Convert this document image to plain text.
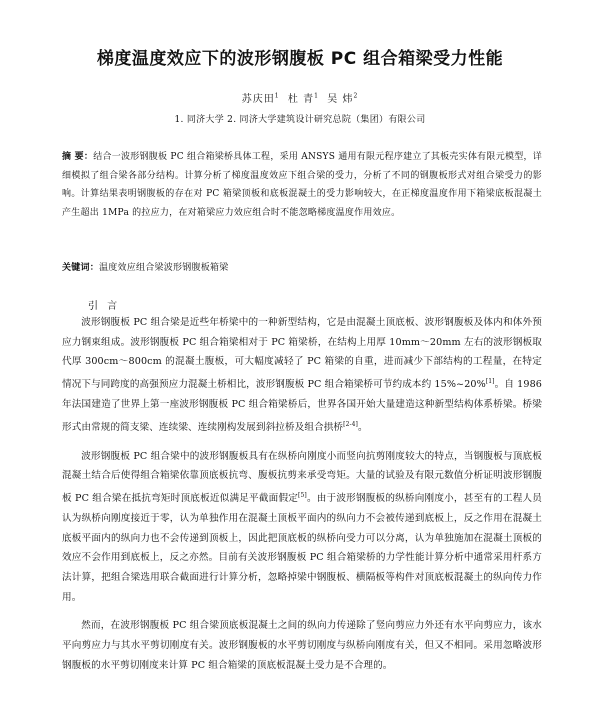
梯度温度效应下的波形钢腹板 PC 组合箱梁受力性能

苏庆田$^1$ 杜 青$^1$ 吴 炜$^2$

1. 同济大学 2. 同济大学建筑设计研究总院（集团）有限公司

摘 要：结合一波形钢腹板 PC 组合箱梁桥具体工程，采用 ANSYS 通用有限元程序建立了其板壳实体有限元模型，详细模拟了组合梁各部分结构。计算分析了梯度温度效应下组合梁的受力，分析了不同的钢腹板形式对组合梁受力的影响。计算结果表明钢腹板的存在对 PC 箱梁顶板和底板混凝土的受力影响较大，在正梯度温度作用下箱梁底板混凝土产生超出 1MPa 的拉应力，在对箱梁应力效应组合时不能忽略梯度温度作用效应。

关键词：温度效应组合梁波形钢腹板箱梁

引 言

波形钢腹板 PC 组合梁是近些年桥梁中的一种新型结构，它是由混凝土顶底板、波形钢腹板及体内和体外预应力钢束组成。波形钢腹板 PC 组合箱梁相对于 PC 箱梁桥，在结构上用厚 10mm～20mm 左右的波形钢板取代厚 300cm～800cm 的混凝土腹板，可大幅度减轻了 PC 箱梁的自重，进而减少下部结构的工程量，在特定情况下与同跨度的高强预应力混凝土桥相比，波形钢腹板 PC 组合箱梁桥可节约成本约 15%~20%[1]。自 1986 年法国建造了世界上第一座波形钢腹板 PC 组合箱梁桥后，世界各国开始大量建造这种新型结构体系桥梁。桥梁形式由常规的简支梁、连续梁、连续刚构发展到斜拉桥及组合拱桥[2-4]。

波形钢腹板 PC 组合梁中的波形钢腹板具有在纵桥向刚度小而竖向抗剪刚度较大的特点，当钢腹板与顶底板混凝土结合后使得组合箱梁依靠顶底板抗弯、腹板抗剪来承受弯矩。大量的试验及有限元数值分析证明波形钢腹板 PC 组合梁在抵抗弯矩时顶底板近似满足平截面假定[5]。由于波形钢腹板的纵桥向刚度小，甚至有的工程人员认为纵桥向刚度接近于零，认为单独作用在混凝土顶板平面内的纵向力不会被传递到底板上，反之作用在混凝土底板平面内的纵向力也不会传递到顶板上，因此把顶底板的纵桥向受力可以分离，认为单独施加在混凝土顶板的效应不会作用到底板上，反之亦然。目前有关波形钢腹板 PC 组合箱梁桥的力学性能计算分析中通常采用杆系方法计算，把组合梁选用联合截面进行计算分析，忽略掉梁中钢腹板、横隔板等构件对顶底板混凝土的纵向传力作用。

然而，在波形钢腹板 PC 组合梁顶底板混凝土之间的纵向力传递除了竖向剪应力外还有水平向剪应力，该水平向剪应力与其水平剪切刚度有关。波形钢腹板的水平剪切刚度与纵桥向刚度有关，但又不相同。采用忽略波形钢腹板的水平剪切刚度来计算 PC 组合箱梁的顶底板混凝土受力是不合理的。
